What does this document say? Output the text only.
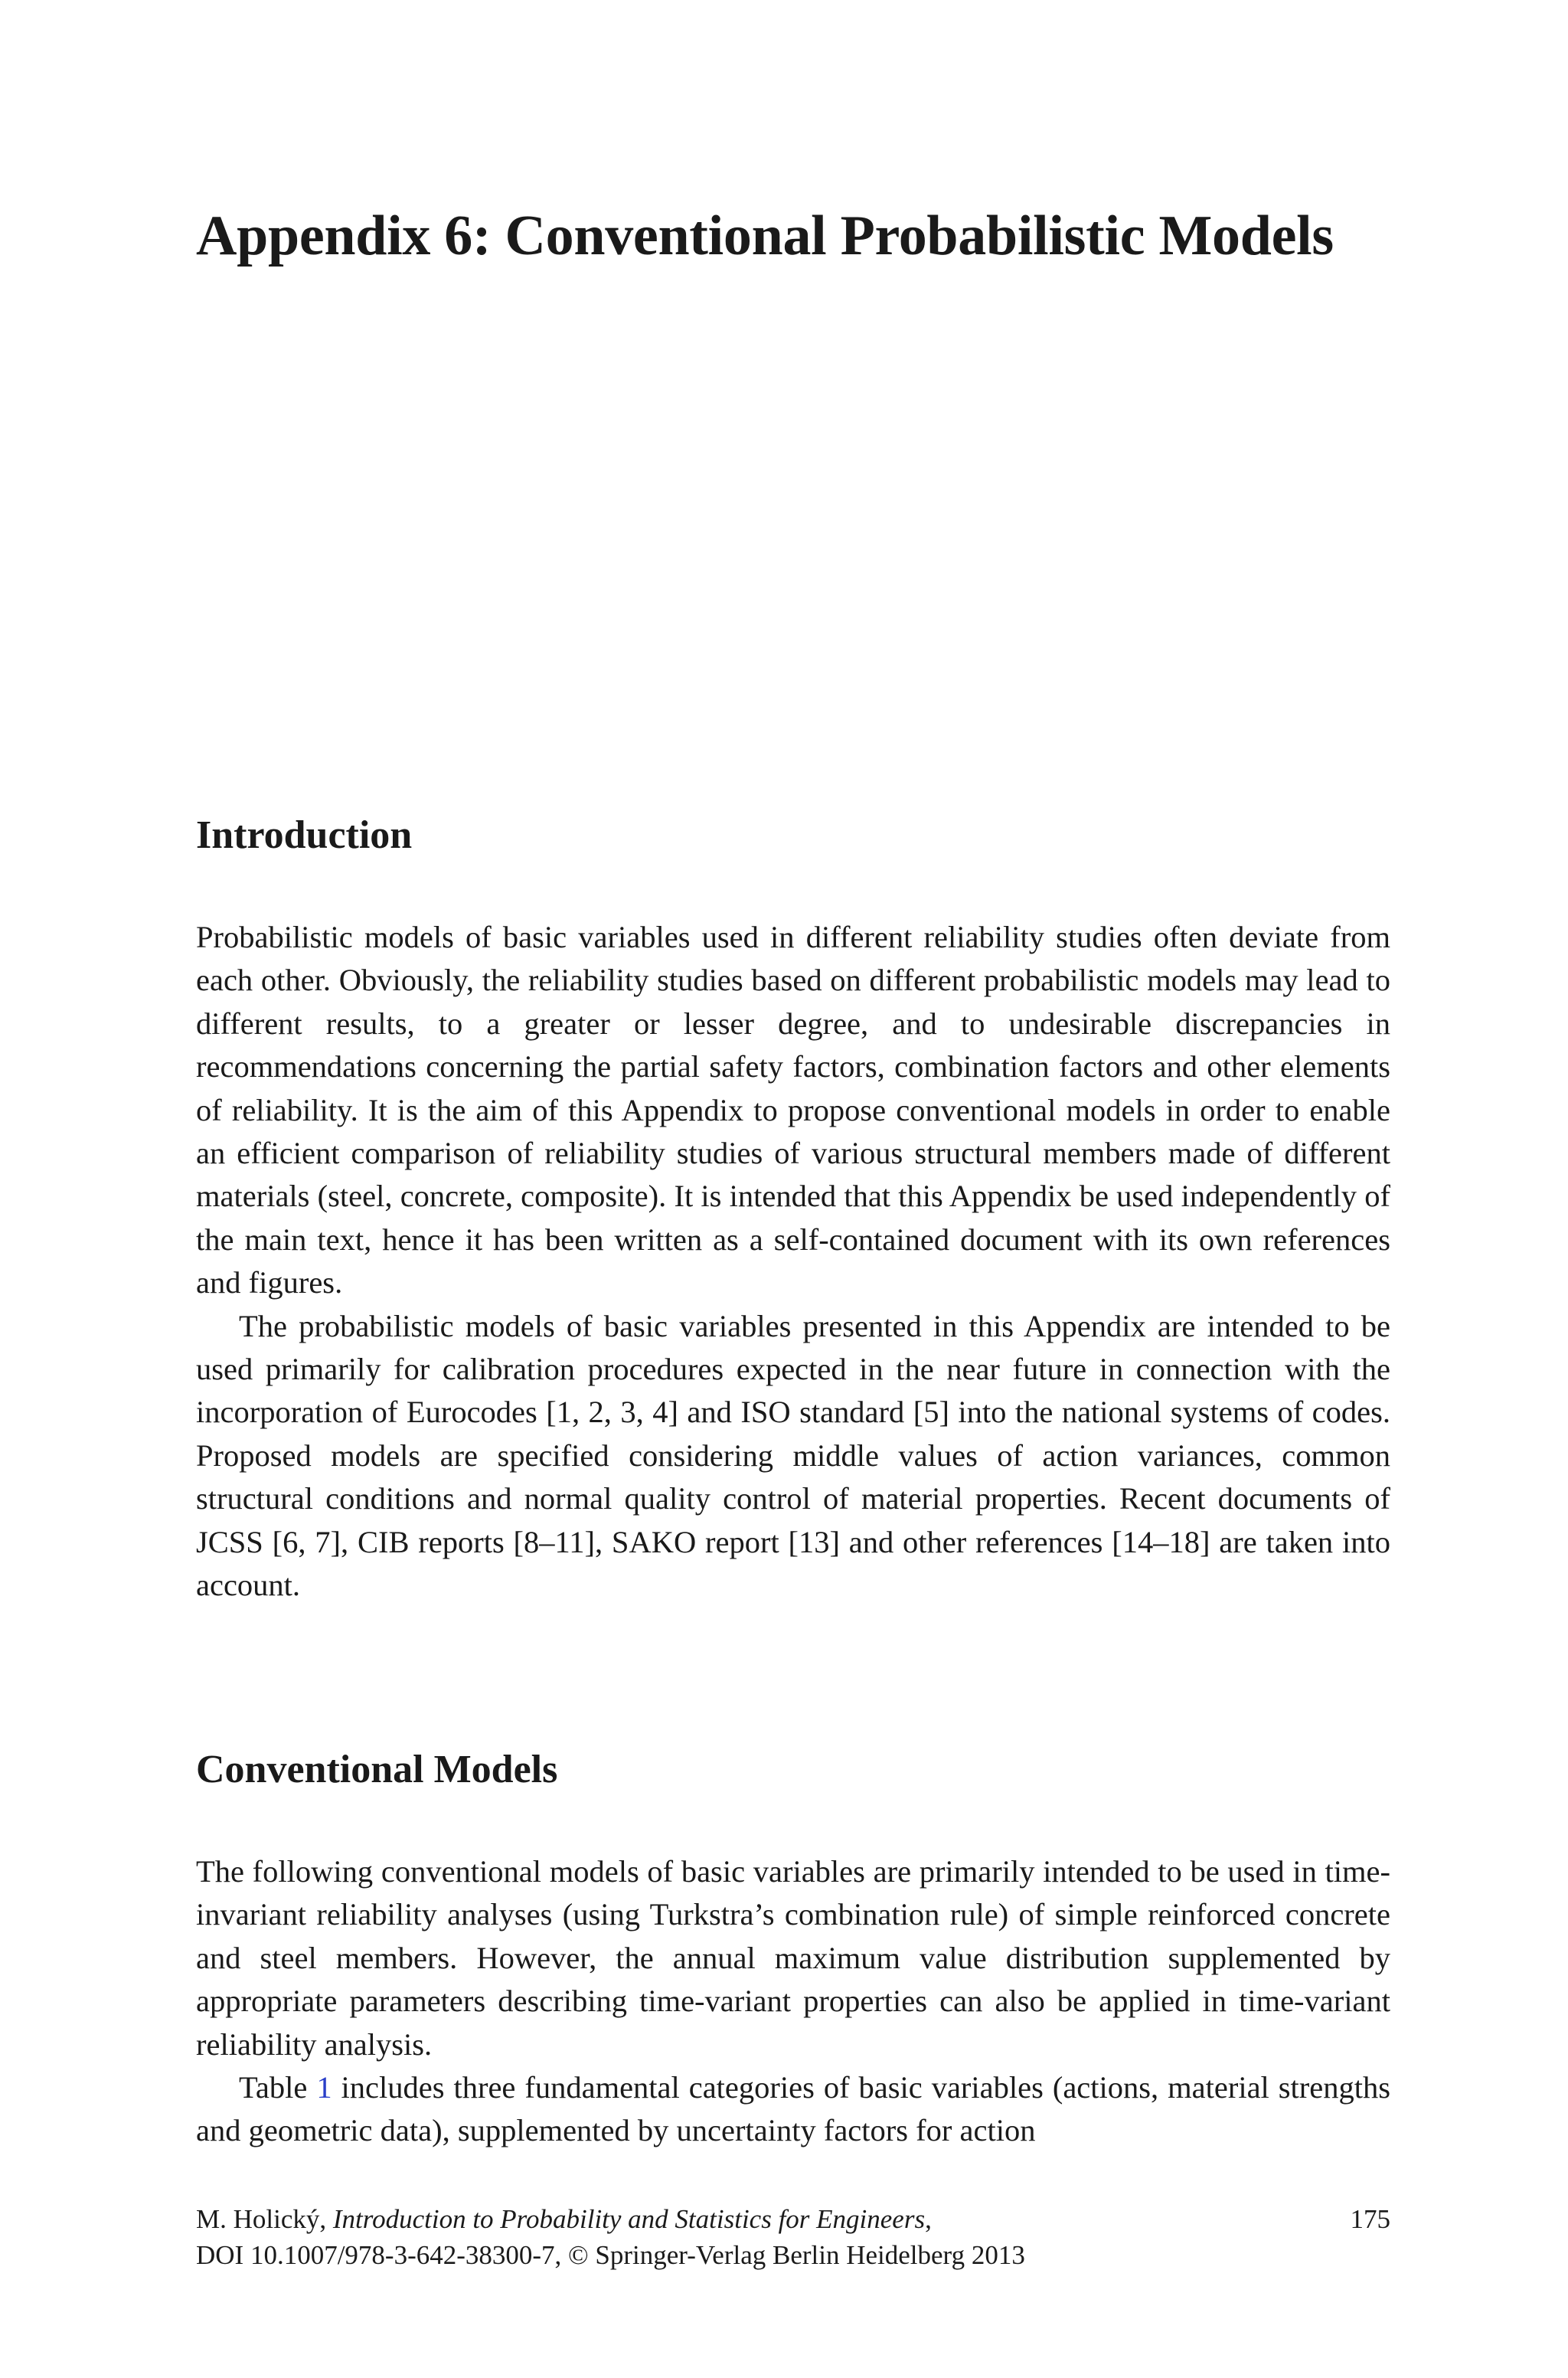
Appendix 6: Conventional Probabilistic Models
Introduction

Probabilistic models of basic variables used in different reliability studies often deviate from each other. Obviously, the reliability studies based on different probabilistic models may lead to different results, to a greater or lesser degree, and to undesirable discrepancies in recommendations concerning the partial safety factors, combination factors and other elements of reliability. It is the aim of this Appendix to propose conventional models in order to enable an efficient comparison of reliability studies of various structural members made of different materials (steel, concrete, composite). It is intended that this Appendix be used independently of the main text, hence it has been written as a self-contained document with its own references and figures.

The probabilistic models of basic variables presented in this Appendix are intended to be used primarily for calibration procedures expected in the near future in connection with the incorporation of Eurocodes [1, 2, 3, 4] and ISO standard [5] into the national systems of codes. Proposed models are specified considering middle values of action variances, common structural conditions and normal quality control of material properties. Recent documents of JCSS [6, 7], CIB reports [8–11], SAKO report [13] and other references [14–18] are taken into account.

Conventional Models

The following conventional models of basic variables are primarily intended to be used in time-invariant reliability analyses (using Turkstra’s combination rule) of simple reinforced concrete and steel members. However, the annual maximum value distribution supplemented by appropriate parameters describing time-variant properties can also be applied in time-variant reliability analysis.

Table 1 includes three fundamental categories of basic variables (actions, material strengths and geometric data), supplemented by uncertainty factors for action

M. Holický, Introduction to Probability and Statistics for Engineers,
DOI 10.1007/978-3-642-38300-7, © Springer-Verlag Berlin Heidelberg 2013
175
